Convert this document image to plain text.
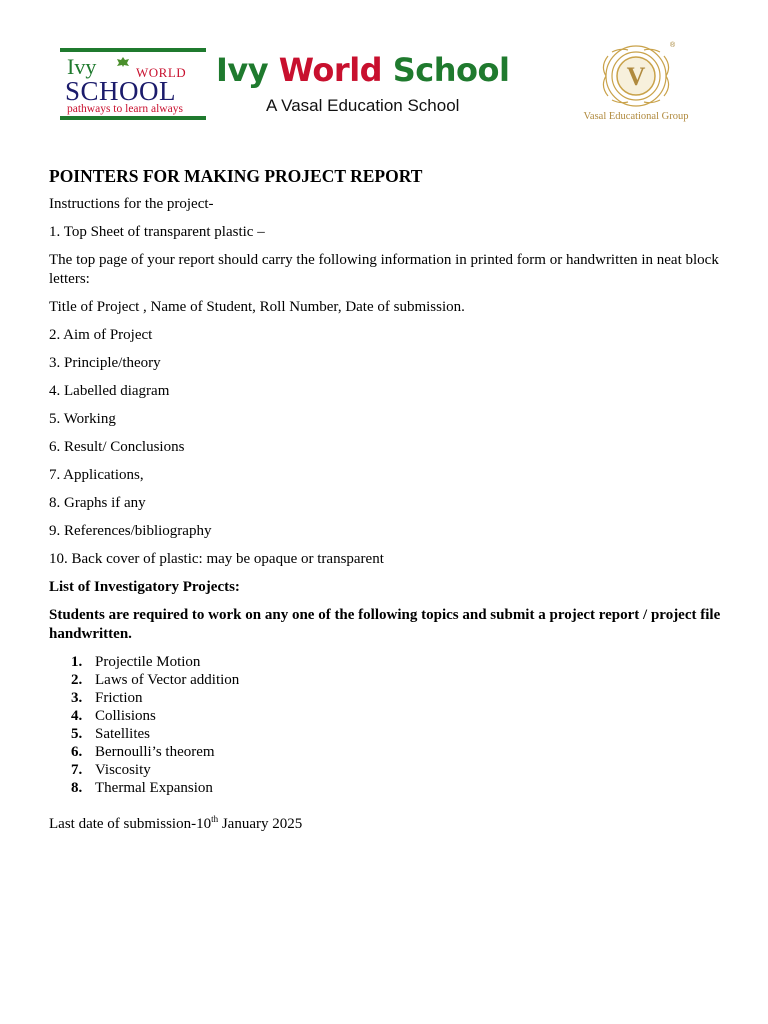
Ivy	WORLD
SCHOOL
pathways to learn always
Ivy World School
A Vasal Education School
V
®
Vasal Educational Group
POINTERS FOR MAKING PROJECT REPORT

Instructions for the project-

1. Top Sheet of transparent plastic –

The top page of your report should carry the following information in printed form or handwritten in neat block letters:

Title of Project , Name of Student, Roll Number, Date of submission.

2. Aim of Project

3. Principle/theory

4. Labelled diagram

5. Working

6. Result/ Conclusions

7. Applications,

8. Graphs if any

9. References/bibliography

10. Back cover of plastic: may be opaque or transparent

List of Investigatory Projects:

Students are required to work on any one of the following topics and submit a project report / project file handwritten.

1. Projectile Motion
2. Laws of Vector addition
3. Friction
4. Collisions
5. Satellites
6. Bernoulli’s theorem
7. Viscosity
8. Thermal Expansion

Last date of submission-10th January 2025
